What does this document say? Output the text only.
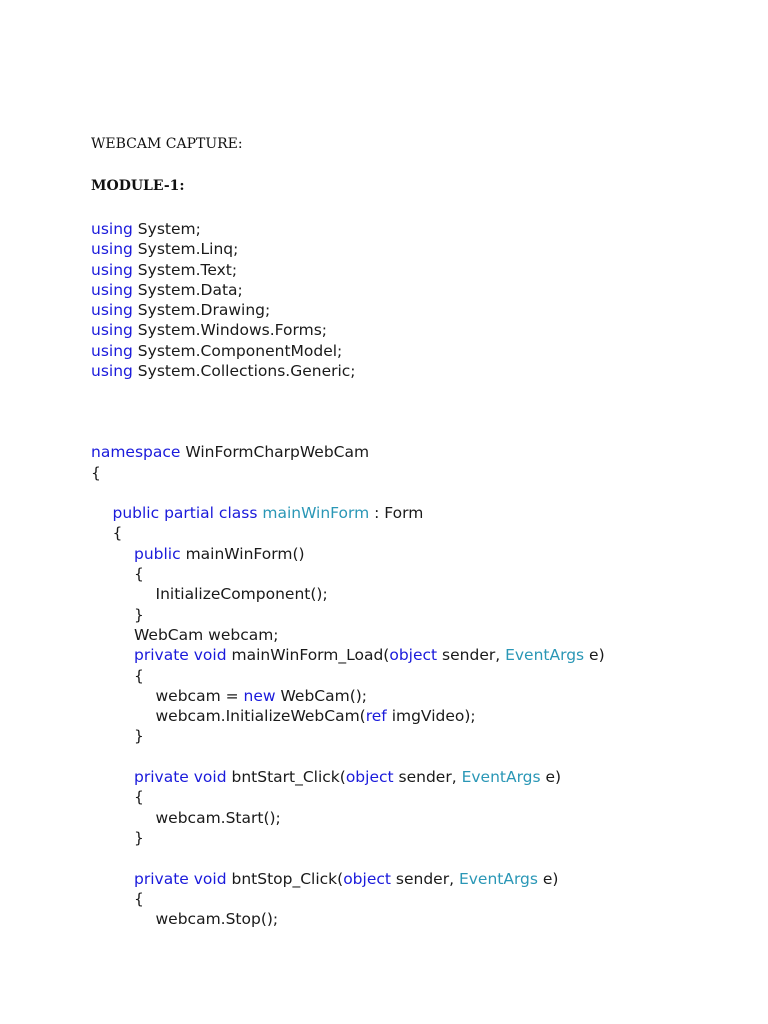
WEBCAM CAPTURE:
MODULE-1:
using System;
using System.Linq;
using System.Text;
using System.Data;
using System.Drawing;
using System.Windows.Forms;
using System.ComponentModel;
using System.Collections.Generic;
namespace WinFormCharpWebCam
{
public partial class mainWinForm : Form
{
public mainWinForm()
{
InitializeComponent();
}
WebCam webcam;
private void mainWinForm_Load(object sender, EventArgs e)
{
webcam = new WebCam();
webcam.InitializeWebCam(ref imgVideo);
}
private void bntStart_Click(object sender, EventArgs e)
{
webcam.Start();
}
private void bntStop_Click(object sender, EventArgs e)
{
webcam.Stop();
